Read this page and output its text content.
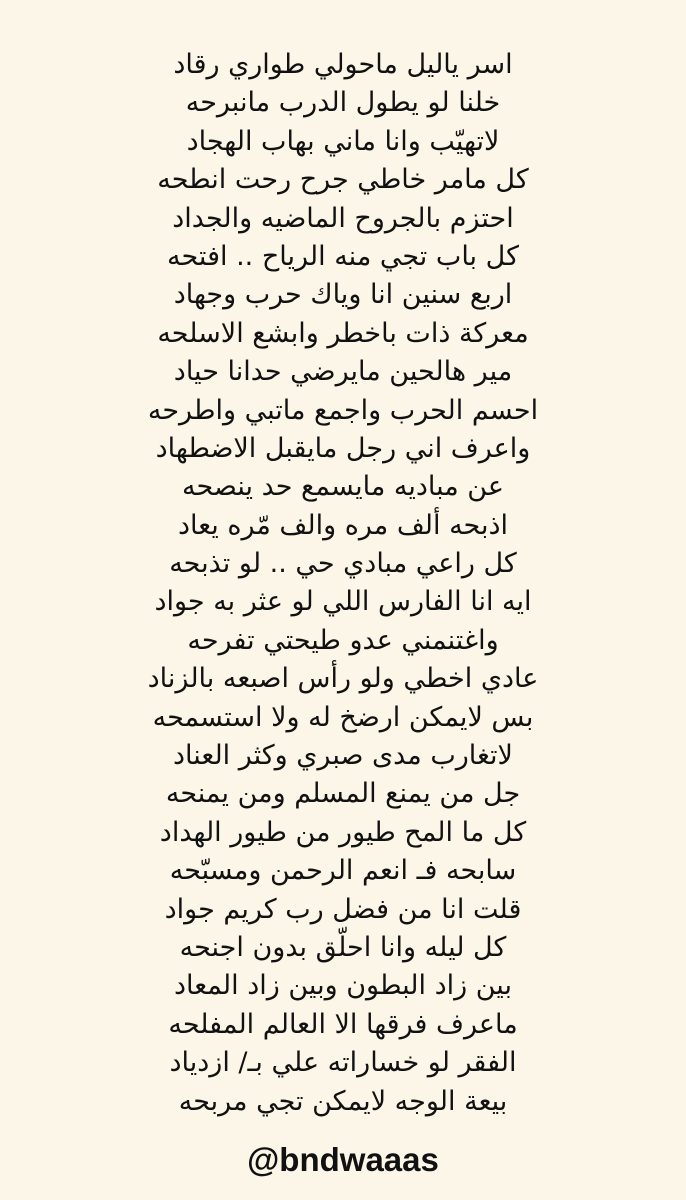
اسر ياليل ماحولي طواري رقاد
خلنا لو يطول الدرب مانبرحه
لاتهيّب وانا ماني بهاب الهجاد
كل مامر خاطي جرح رحت انطحه
احتزم بالجروح الماضيه والجداد
كل باب تجي منه الرياح .. افتحه
اربع سنين انا وياك حرب وجهاد
معركة ذات باخطر وابشع الاسلحه
مير هالحين مايرضي حدانا حياد
احسم الحرب واجمع ماتبي واطرحه
واعرف اني رجل مايقبل الاضطهاد
عن مباديه مايسمع حد ينصحه
اذبحه ألف مره والف مّره يعاد
كل راعي مبادي حي .. لو تذبحه
ايه انا الفارس اللي لو عثر به جواد
واغتنمني عدو طيحتي تفرحه
عادي اخطي ولو رأس اصبعه بالزناد
بس لايمكن ارضخ له ولا استسمحه
لاتغارب مدى صبري وكثر العناد
جل من يمنع المسلم ومن يمنحه
كل ما المح طيور من طيور الهداد
سابحه فـ انعم الرحمن ومسبّحه
قلت انا من فضل رب كريم جواد
كل ليله وانا احلّق بدون اجنحه
بين زاد البطون وبين زاد المعاد
ماعرف فرقها الا العالم المفلحه
الفقر لو خساراته علي بـ/ ازدياد
بيعة الوجه لايمكن تجي مربحه
@bndwaaas
